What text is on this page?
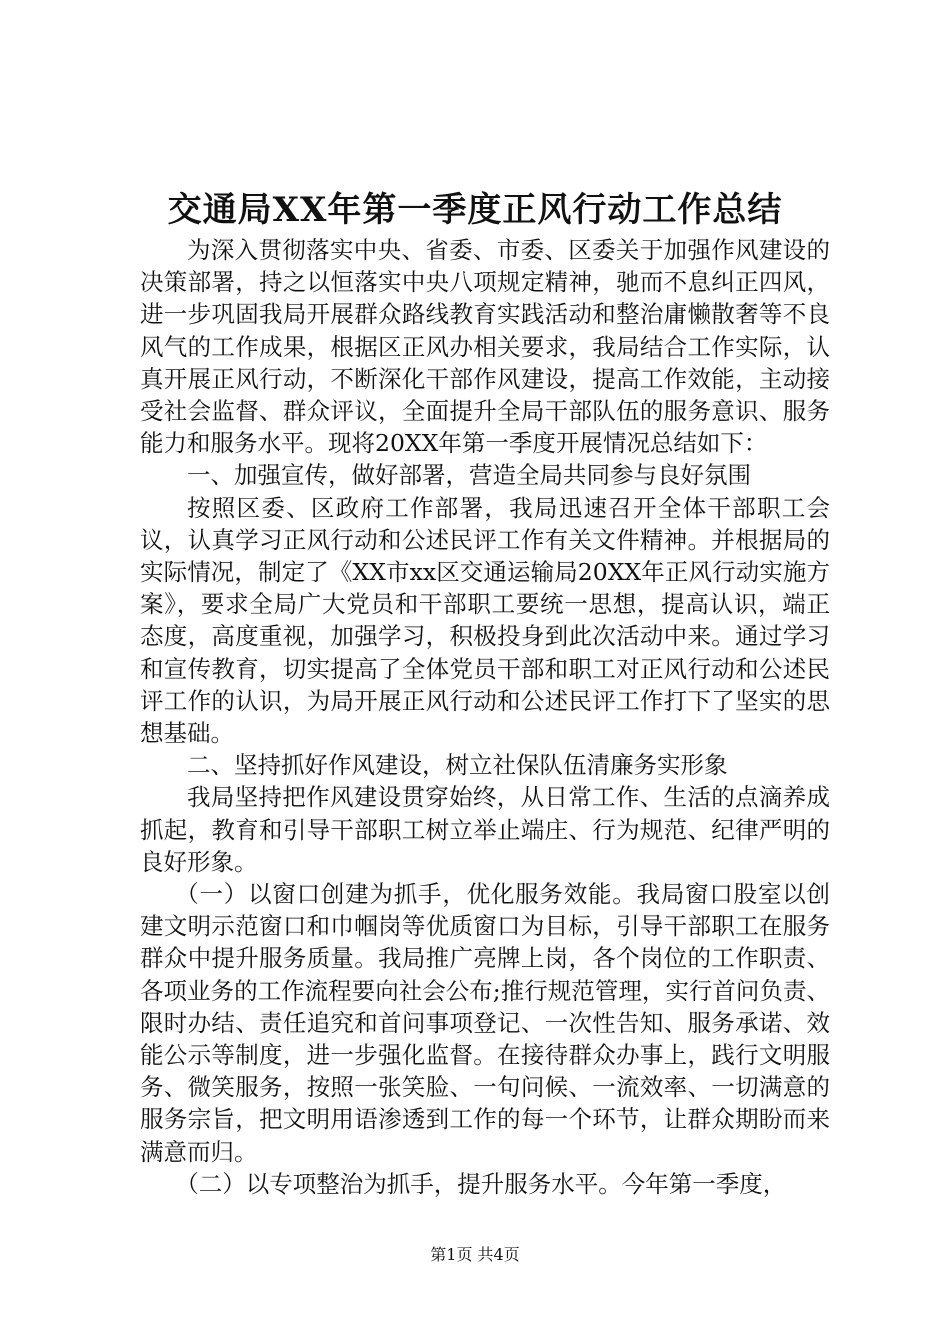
交通局XX年第一季度正风行动工作总结

为深入贯彻落实中央、省委、市委、区委关于加强作风建设的决策部署，持之以恒落实中央八项规定精神，驰而不息纠正四风，进一步巩固我局开展群众路线教育实践活动和整治庸懒散奢等不良风气的工作成果，根据区正风办相关要求，我局结合工作实际，认真开展正风行动，不断深化干部作风建设，提高工作效能，主动接受社会监督、群众评议，全面提升全局干部队伍的服务意识、服务能力和服务水平。现将20XX年第一季度开展情况总结如下：

一、加强宣传，做好部署，营造全局共同参与良好氛围

按照区委、区政府工作部署，我局迅速召开全体干部职工会议，认真学习正风行动和公述民评工作有关文件精神。并根据局的实际情况，制定了《XX市xx区交通运输局20XX年正风行动实施方案》，要求全局广大党员和干部职工要统一思想，提高认识，端正态度，高度重视，加强学习，积极投身到此次活动中来。通过学习和宣传教育，切实提高了全体党员干部和职工对正风行动和公述民评工作的认识，为局开展正风行动和公述民评工作打下了坚实的思想基础。

二、坚持抓好作风建设，树立社保队伍清廉务实形象

我局坚持把作风建设贯穿始终，从日常工作、生活的点滴养成抓起，教育和引导干部职工树立举止端庄、行为规范、纪律严明的良好形象。

（一）以窗口创建为抓手，优化服务效能。我局窗口股室以创建文明示范窗口和巾帼岗等优质窗口为目标，引导干部职工在服务群众中提升服务质量。我局推广亮牌上岗，各个岗位的工作职责、各项业务的工作流程要向社会公布;推行规范管理，实行首问负责、限时办结、责任追究和首问事项登记、一次性告知、服务承诺、效能公示等制度，进一步强化监督。在接待群众办事上，践行文明服务、微笑服务，按照一张笑脸、一句问候、一流效率、一切满意的服务宗旨，把文明用语渗透到工作的每一个环节，让群众期盼而来满意而归。

（二）以专项整治为抓手，提升服务水平。今年第一季度，

第1页 共4页
